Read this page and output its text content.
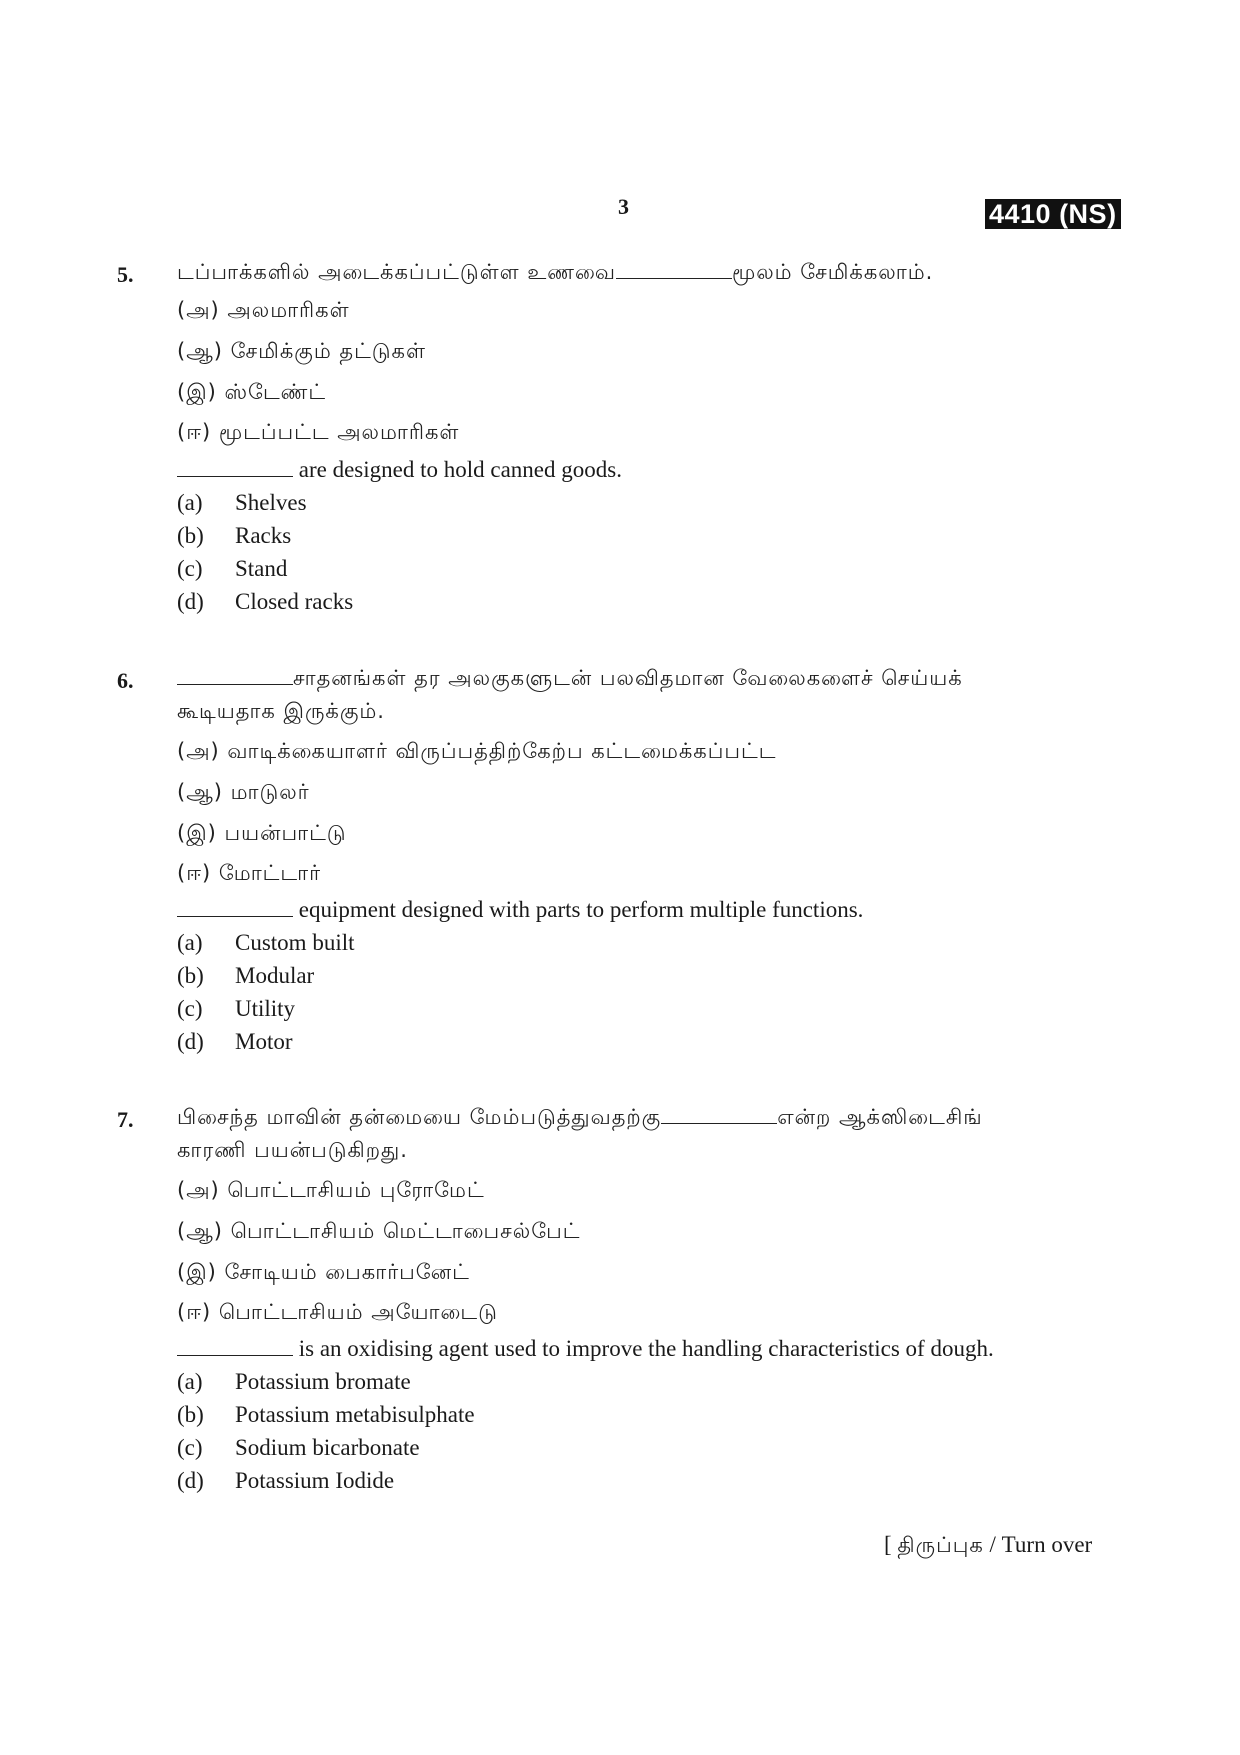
3	4410 (NS)
5. டப்பாக்களில் அடைக்கப்பட்டுள்ள உணவை	மூலம் சேமிக்கலாம்.
(அ) அலமாரிகள்
(ஆ) சேமிக்கும் தட்டுகள்
(இ) ஸ்டேண்ட்
(ஈ) மூடப்பட்ட அலமாரிகள்
are designed to hold canned goods.
(a) Shelves
(b) Racks
(c) Stand
(d) Closed racks
6.	சாதனங்கள் தர அலகுகளுடன் பலவிதமான வேலைகளைச் செய்யக்
கூடியதாக இருக்கும்.
(அ) வாடிக்கையாளர் விருப்பத்திற்கேற்ப கட்டமைக்கப்பட்ட
(ஆ) மாடுலர்
(இ) பயன்பாட்டு
(ஈ) மோட்டார்
equipment designed with parts to perform multiple functions.
(a) Custom built
(b) Modular
(c) Utility
(d) Motor
7. பிசைந்த மாவின் தன்மையை மேம்படுத்துவதற்கு	என்ற ஆக்ஸிடைசிங்
காரணி பயன்படுகிறது.
(அ) பொட்டாசியம் புரோமேட்
(ஆ) பொட்டாசியம் மெட்டாபைசல்பேட்
(இ) சோடியம் பைகார்பனேட்
(ஈ) பொட்டாசியம் அயோடைடு
is an oxidising agent used to improve the handling characteristics of dough.
(a) Potassium bromate
(b) Potassium metabisulphate
(c) Sodium bicarbonate
(d) Potassium Iodide
[ திருப்புக / Turn over
